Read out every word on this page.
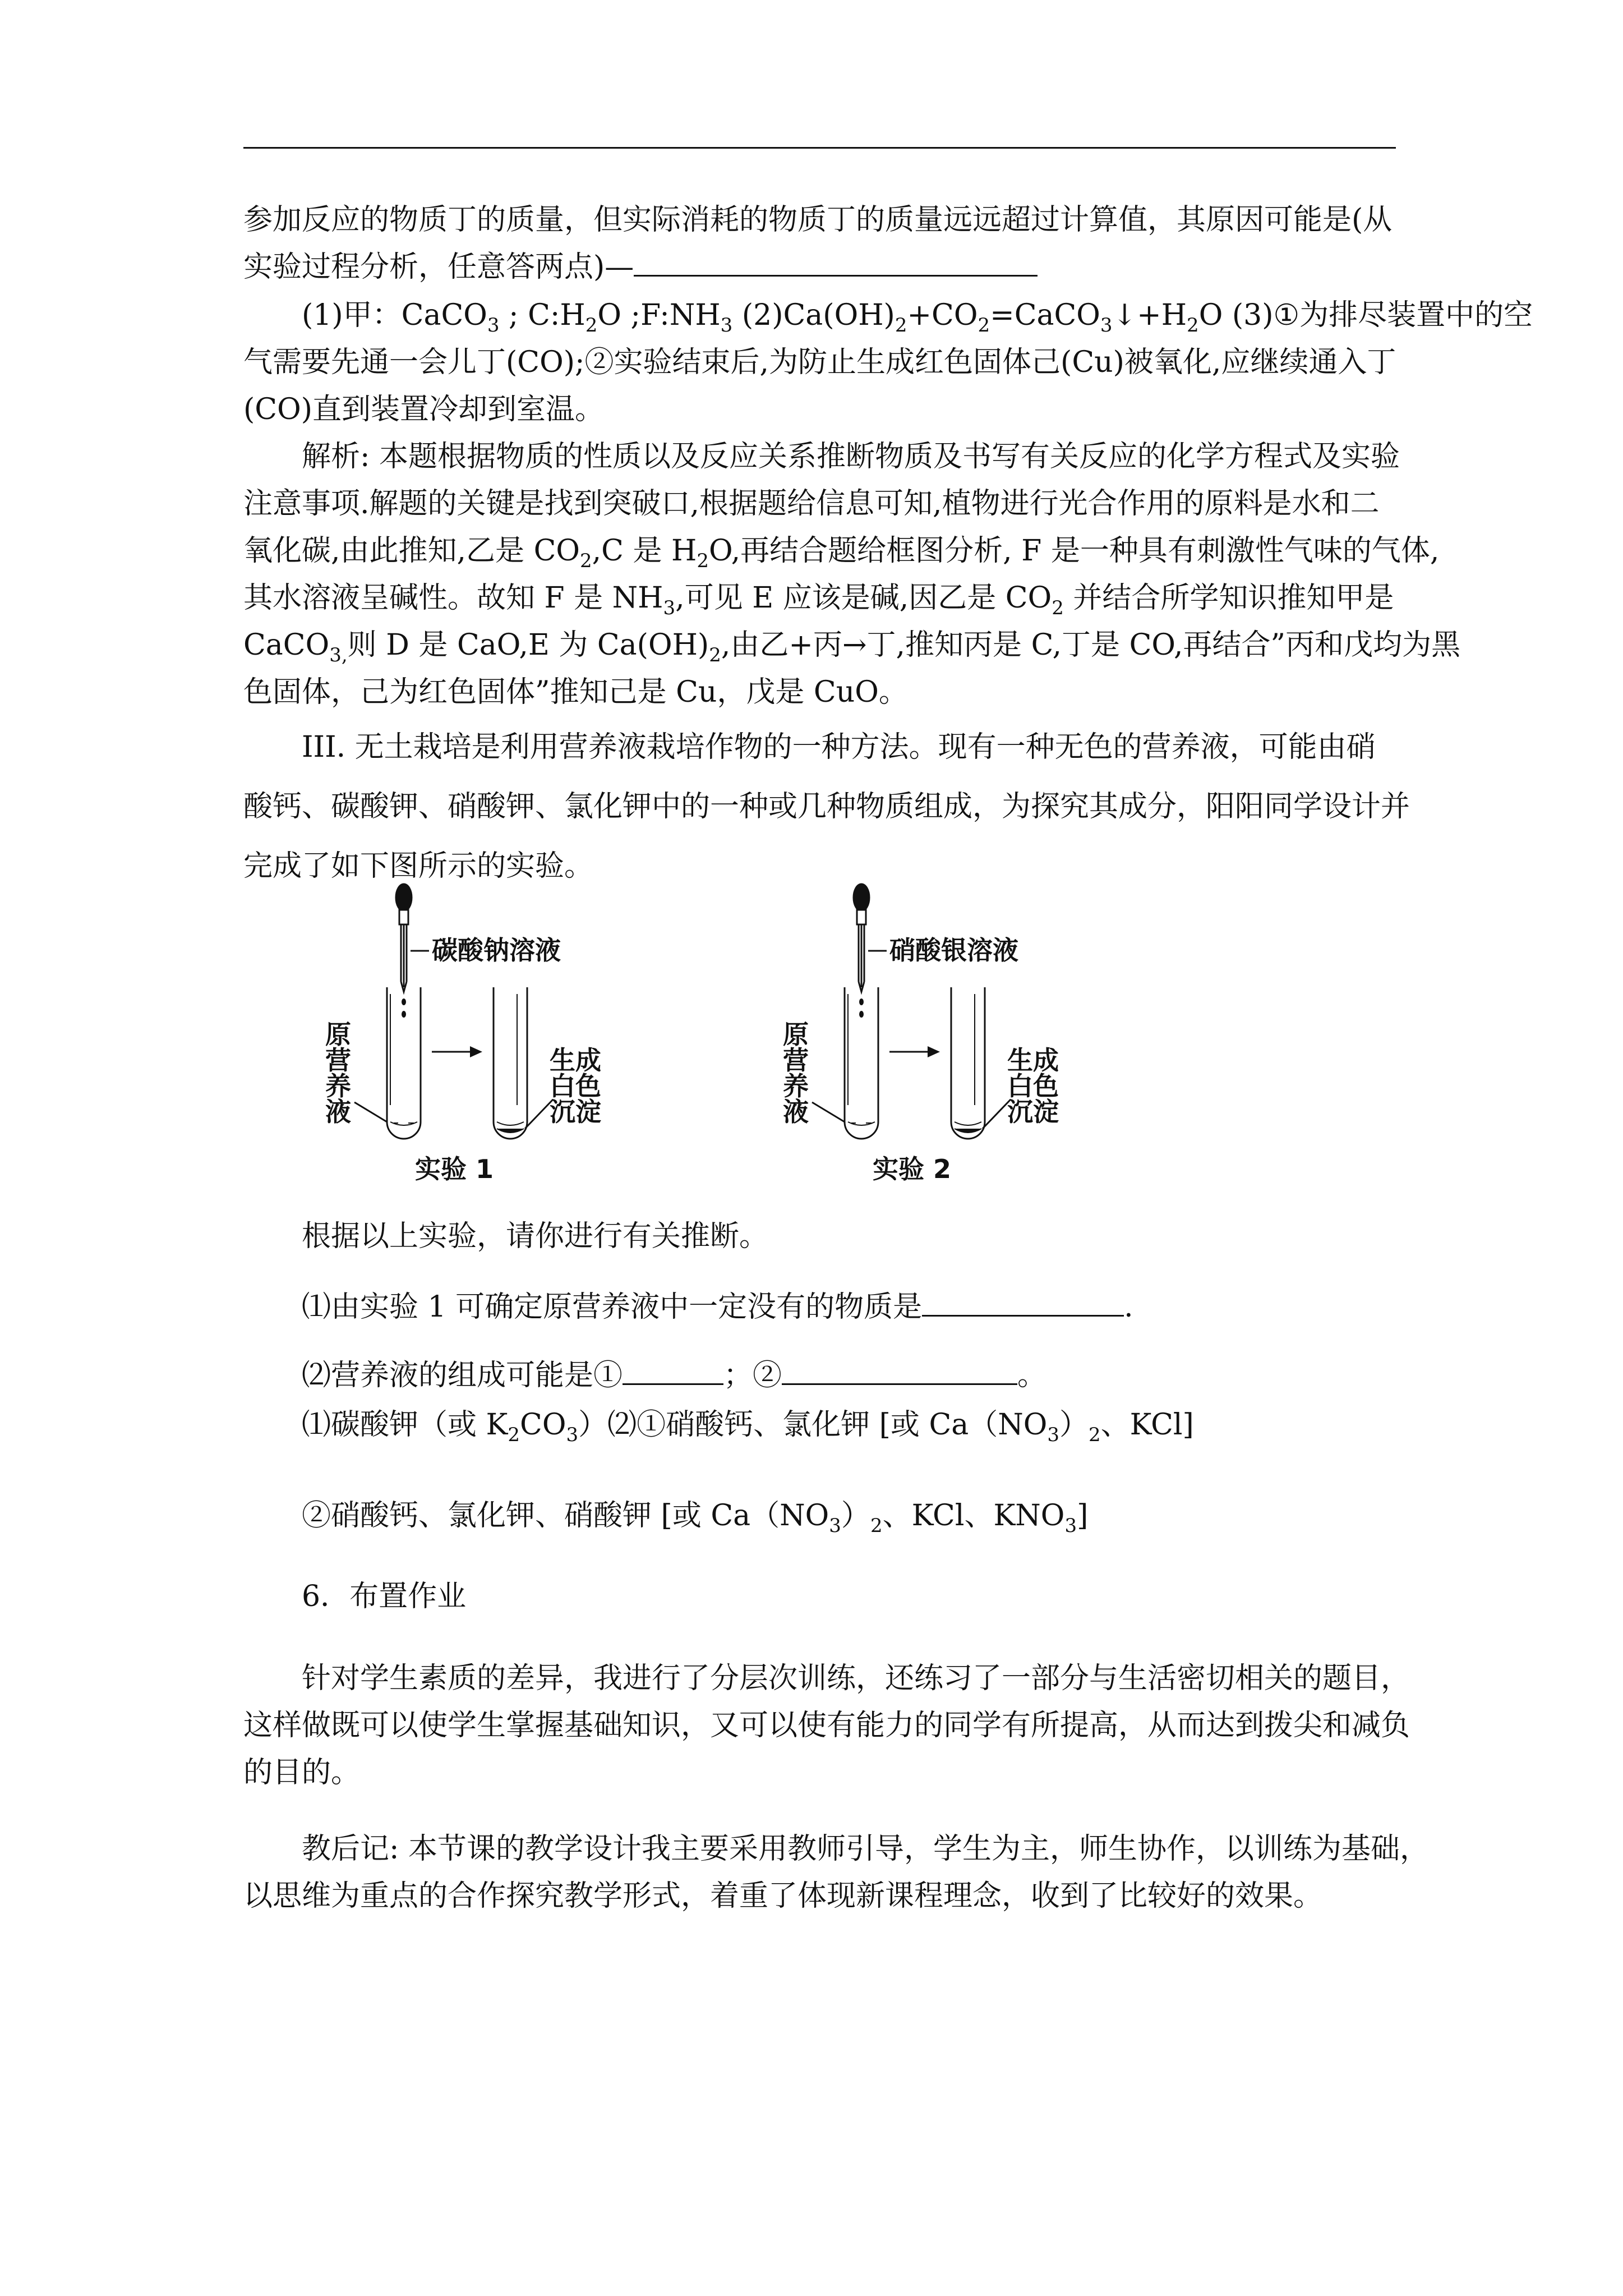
参加反应的物质丁的质量，但实际消耗的物质丁的质量远远超过计算值，其原因可能是(从

实验过程分析，任意答两点)—

(1)甲：CaCO$_3$ ; $C:H_2O$ $;F:NH_3$ $(2)Ca(OH)_2+CO_2=CaCO_3↓+H_2O$ (3)①为排尽装置中的空

气需要先通一会儿丁(CO);②实验结束后,为防止生成红色固体己(Cu)被氧化,应继续通入丁

(CO)直到装置冷却到室温。

解析: 本题根据物质的性质以及反应关系推断物质及书写有关反应的化学方程式及实验

注意事项.解题的关键是找到突破口,根据题给信息可知,植物进行光合作用的原料是水和二

氧化碳,由此推知,乙是 $CO_2,C$ 是 $H_2O$,再结合题给框图分析, F 是一种具有刺激性气味的气体,

其水溶液呈碱性。故知 F 是 $NH_3$,可见 E 应该是碱,因乙是 $CO_2$ 并结合所学知识推知甲是

CaCO$_{3,}$则 D 是 CaO,E 为 $Ca(OH)_2$,由乙+丙→丁,推知丙是 C,丁是 CO,再结合”丙和戊均为黑

色固体，己为红色固体”推知己是 Cu，戊是 CuO。

III. 无土栽培是利用营养液栽培作物的一种方法。现有一种无色的营养液，可能由硝

酸钙、碳酸钾、硝酸钾、氯化钾中的一种或几种物质组成，为探究其成分，阳阳同学设计并

完成了如下图所示的实验。

碳酸钠溶液
原
营
养
液
生成
白色
沉淀
实验 1
硝酸银溶液
原
营
养
液
生成
白色
沉淀
实验 2

根据以上实验，请你进行有关推断。

⑴由实验 1 可确定原营养液中一定没有的物质是	.

⑵营养液的组成可能是①	；②	。

⑴碳酸钾（或 $K_2CO_3)⑵①$硝酸钙、氯化钾 [或 $Ca(NO_3)_2$、KCl]

②硝酸钙、氯化钾、硝酸钾 [或 $Ca(NO_3)_2$、KCl、$KNO_3$]

6．布置作业

针对学生素质的差异，我进行了分层次训练，还练习了一部分与生活密切相关的题目，

这样做既可以使学生掌握基础知识，又可以使有能力的同学有所提高，从而达到拨尖和减负

的目的。

教后记: 本节课的教学设计我主要采用教师引导，学生为主，师生协作，以训练为基础，

以思维为重点的合作探究教学形式，着重了体现新课程理念，收到了比较好的效果。
